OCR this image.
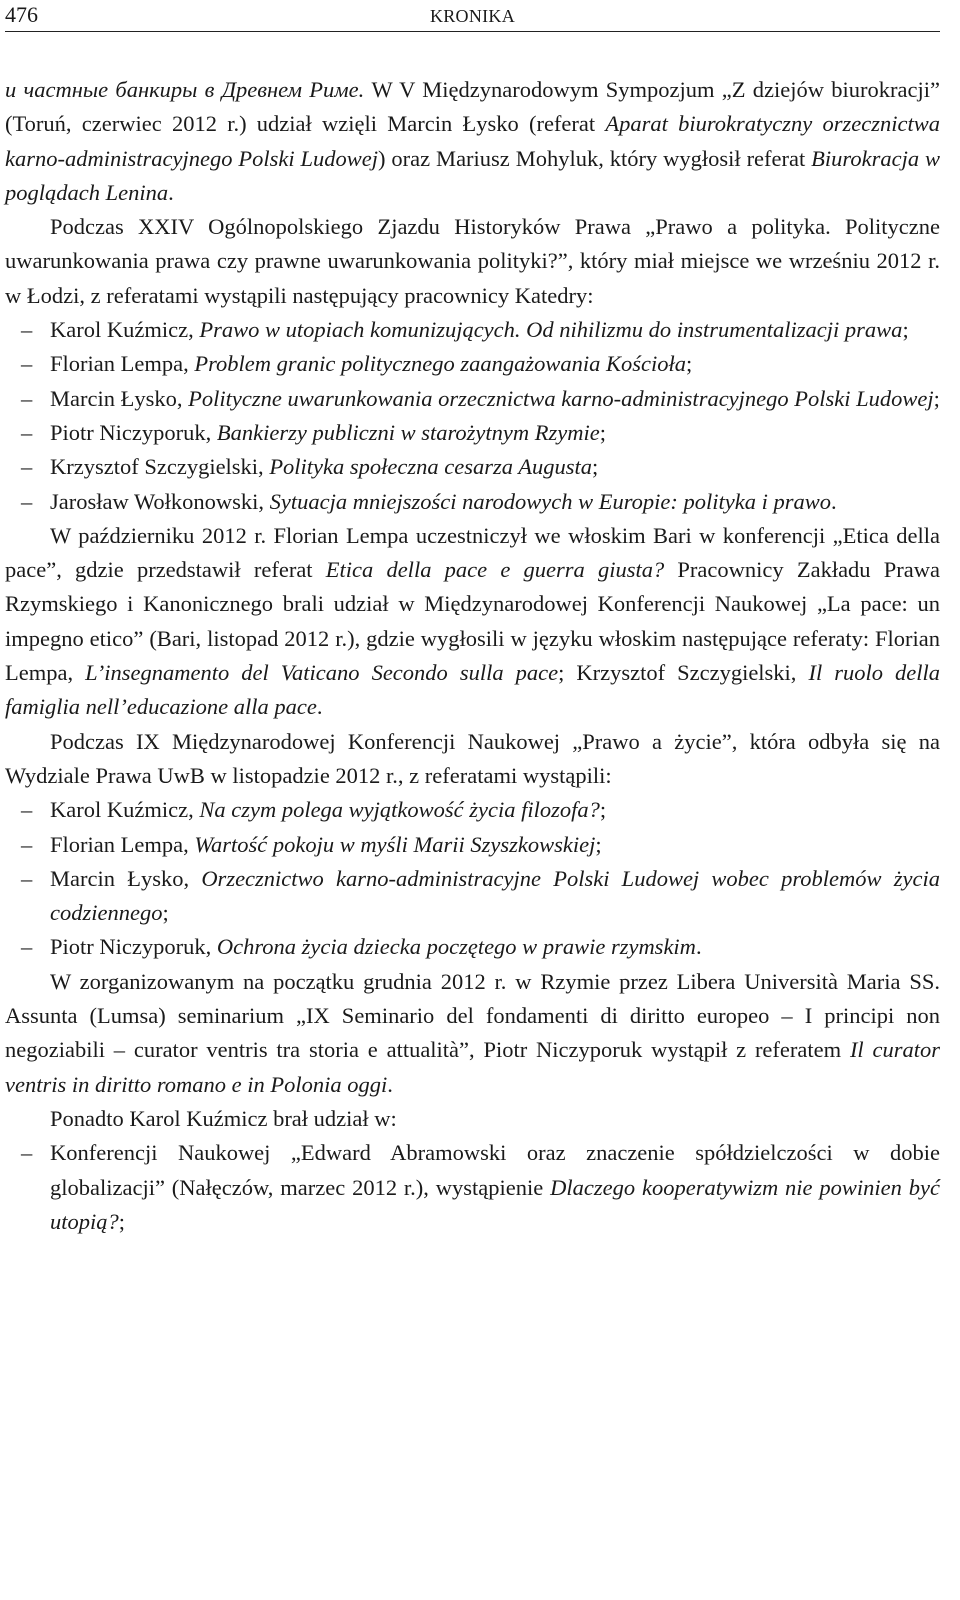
476	KRONIKA

и частные банкиры в Древнем Риме. W V Międzynarodowym Sympozjum „Z dziejów biurokracji” (Toruń, czerwiec 2012 r.) udział wzięli Marcin Łysko (referat Aparat biurokratyczny orzecznictwa karno-administracyjnego Polski Ludowej) oraz Mariusz Mohyluk, który wygłosił referat Biurokracja w poglądach Lenina.

Podczas XXIV Ogólnopolskiego Zjazdu Historyków Prawa „Prawo a polityka. Polityczne uwarunkowania prawa czy prawne uwarunkowania polityki?”, który miał miejsce we wrześniu 2012 r. w Łodzi, z referatami wystąpili następujący pracownicy Katedry:

– Karol Kuźmicz, Prawo w utopiach komunizujących. Od nihilizmu do instrumentalizacji prawa;

– Florian Lempa, Problem granic politycznego zaangażowania Kościoła;

– Marcin Łysko, Polityczne uwarunkowania orzecznictwa karno-administracyjnego Polski Ludowej;

– Piotr Niczyporuk, Bankierzy publiczni w starożytnym Rzymie;

– Krzysztof Szczygielski, Polityka społeczna cesarza Augusta;

– Jarosław Wołkonowski, Sytuacja mniejszości narodowych w Europie: polityka i prawo.

W październiku 2012 r. Florian Lempa uczestniczył we włoskim Bari w konferencji „Etica della pace”, gdzie przedstawił referat Etica della pace e guerra giusta? Pracownicy Zakładu Prawa Rzymskiego i Kanonicznego brali udział w Międzynarodowej Konferencji Naukowej „La pace: un impegno etico” (Bari, listopad 2012 r.), gdzie wygłosili w języku włoskim następujące referaty: Florian Lempa, L’insegnamento del Vaticano Secondo sulla pace; Krzysztof Szczygielski, Il ruolo della famiglia nell’educazione alla pace.

Podczas IX Międzynarodowej Konferencji Naukowej „Prawo a życie”, która odbyła się na Wydziale Prawa UwB w listopadzie 2012 r., z referatami wystąpili:

– Karol Kuźmicz, Na czym polega wyjątkowość życia filozofa?;

– Florian Lempa, Wartość pokoju w myśli Marii Szyszkowskiej;

– Marcin Łysko, Orzecznictwo karno-administracyjne Polski Ludowej wobec problemów życia codziennego;

– Piotr Niczyporuk, Ochrona życia dziecka poczętego w prawie rzymskim.

W zorganizowanym na początku grudnia 2012 r. w Rzymie przez Libera Università Maria SS. Assunta (Lumsa) seminarium „IX Seminario del fondamenti di diritto europeo – I principi non negoziabili – curator ventris tra storia e attualità”, Piotr Niczyporuk wystąpił z referatem Il curator ventris in diritto romano e in Polonia oggi.

Ponadto Karol Kuźmicz brał udział w:

– Konferencji Naukowej „Edward Abramowski oraz znaczenie spółdzielczości w dobie globalizacji” (Nałęczów, marzec 2012 r.), wystąpienie Dlaczego kooperatywizm nie powinien być utopią?;
